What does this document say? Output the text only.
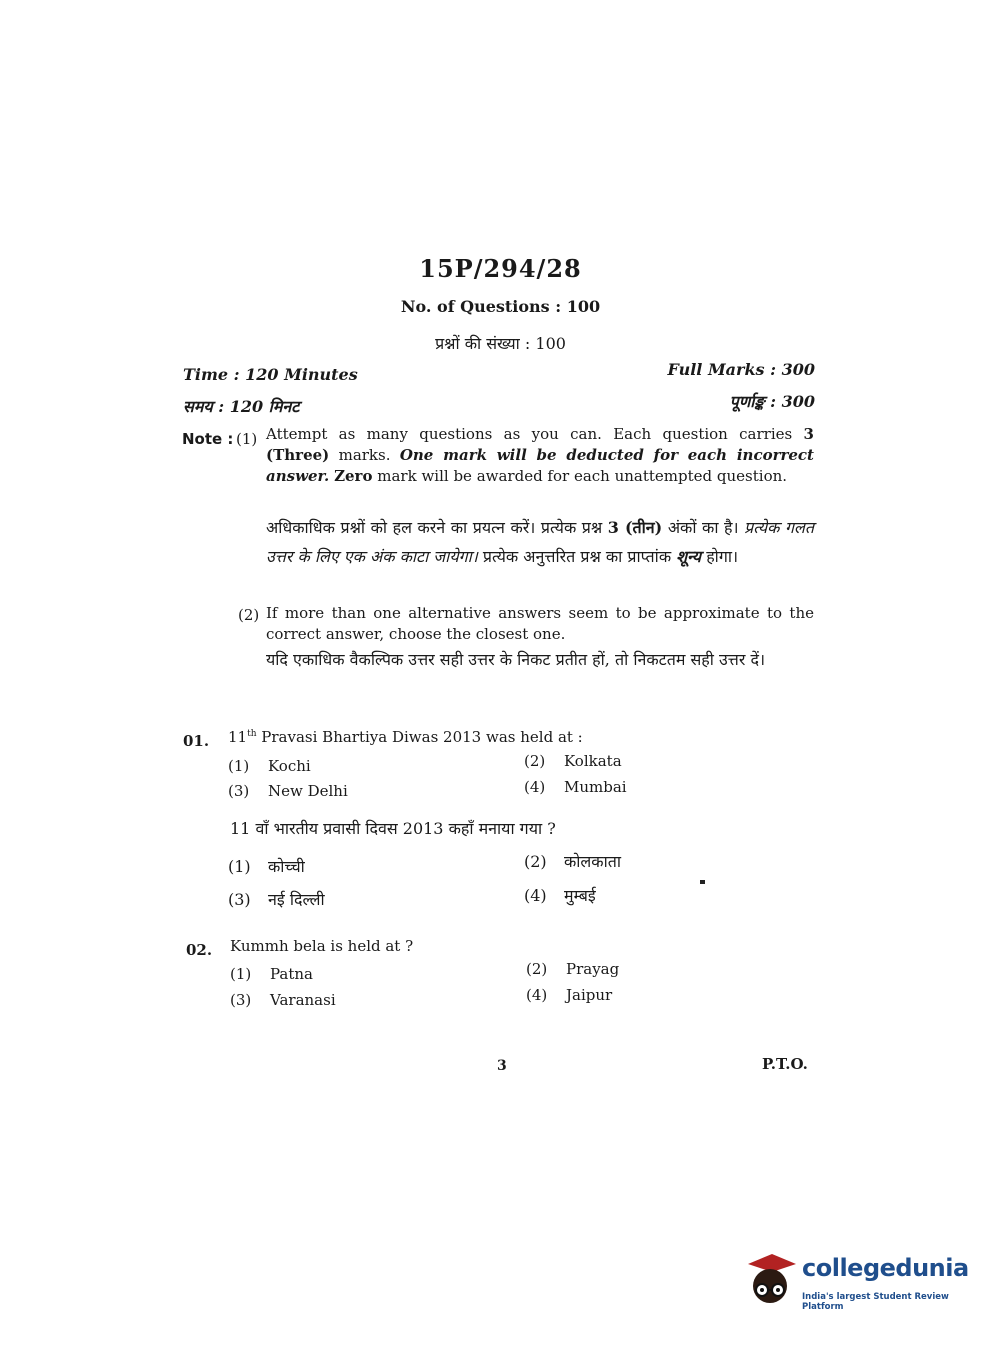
15P/294/28
No. of Questions : 100
प्रश्नों की संख्या : 100
Time : 120 Minutes
समय : 120 मिनट
Full Marks : 300
पूर्णाङ्क : 300
Note : (1) Attempt as many questions as you can. Each question carries 3 (Three) marks. One mark will be deducted for each incorrect answer. Zero mark will be awarded for each unattempted question.
अधिकाधिक प्रश्नों को हल करने का प्रयत्न करें। प्रत्येक प्रश्न 3 (तीन) अंकों का है। प्रत्येक गलत उत्तर के लिए एक अंक काटा जायेगा। प्रत्येक अनुत्तरित प्रश्न का प्राप्तांक शून्य होगा।
(2) If more than one alternative answers seem to be approximate to the correct answer, choose the closest one.
यदि एकाधिक वैकल्पिक उत्तर सही उत्तर के निकट प्रतीत हों, तो निकटतम सही उत्तर दें।
01. 11th Pravasi Bhartiya Diwas 2013 was held at :
(1) Kochi	(2) Kolkata
(3) New Delhi	(4) Mumbai
11 वाँ भारतीय प्रवासी दिवस 2013 कहाँ मनाया गया ?
(1) कोच्ची	(2) कोलकाता
(3) नई दिल्ली	(4) मुम्बई
02. Kummh bela is held at ?
(1) Patna	(2) Prayag
(3) Varanasi	(4) Jaipur
3	P.T.O.
collegedunia
India's largest Student Review Platform
